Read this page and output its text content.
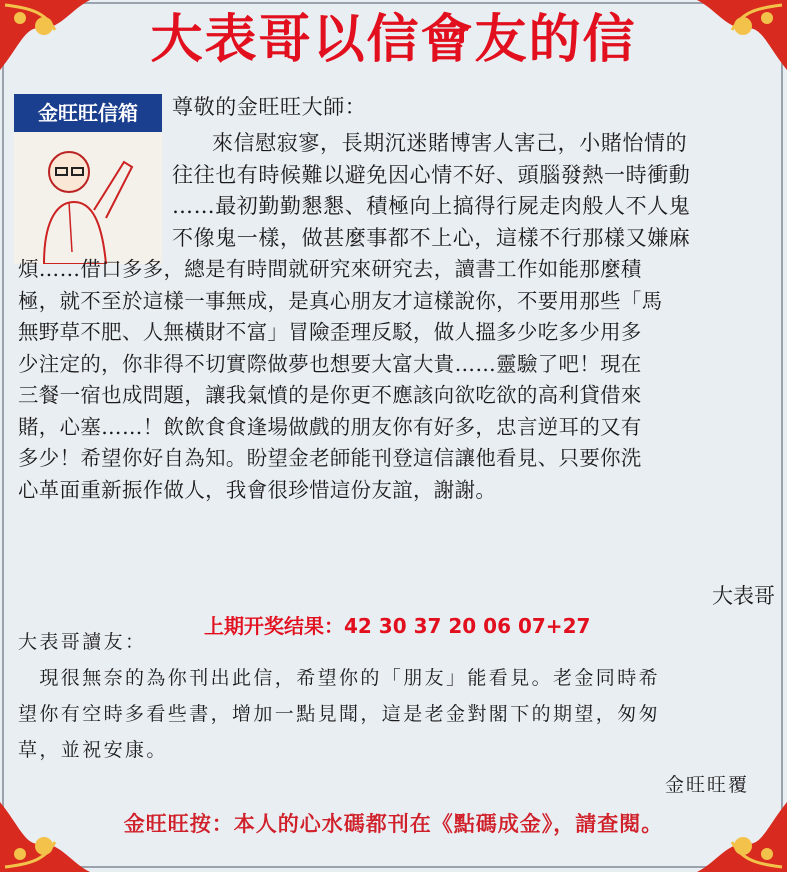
大表哥以信會友的信
金旺旺信箱	尊敬的金旺旺大師：
來信慰寂寥，長期沉迷賭博害人害己，小賭怡情的
往往也有時候難以避免因心情不好、頭腦發熱一時衝動
……最初勤勤懇懇、積極向上搞得行屍走肉般人不人鬼
不像鬼一樣，做甚麼事都不上心，這樣不行那樣又嫌麻
煩……借口多多，總是有時間就研究來研究去，讀書工作如能那麼積
極，就不至於這樣一事無成，是真心朋友才這樣說你，不要用那些「馬
無野草不肥、人無橫財不富」冒險歪理反駁，做人搵多少吃多少用多
少注定的，你非得不切實際做夢也想要大富大貴……靈驗了吧！現在
三餐一宿也成問題，讓我氣憤的是你更不應該向欲吃欲的高利貸借來
賭，心塞……！飲飲食食逢場做戲的朋友你有好多，忠言逆耳的又有
多少！希望你好自為知。盼望金老師能刊登這信讓他看見、只要你洗
心革面重新振作做人，我會很珍惜這份友誼，謝謝。
大表哥
上期开奖结果：42 30 37 20 06 07+27
大表哥讀友：
　現很無奈的為你刊出此信，希望你的「朋友」能看見。老金同時希
望你有空時多看些書，增加一點見聞，這是老金對閣下的期望，匆匆
草，並祝安康。
金旺旺覆
金旺旺按：本人的心水碼都刊在《點碼成金》，請查閱。
